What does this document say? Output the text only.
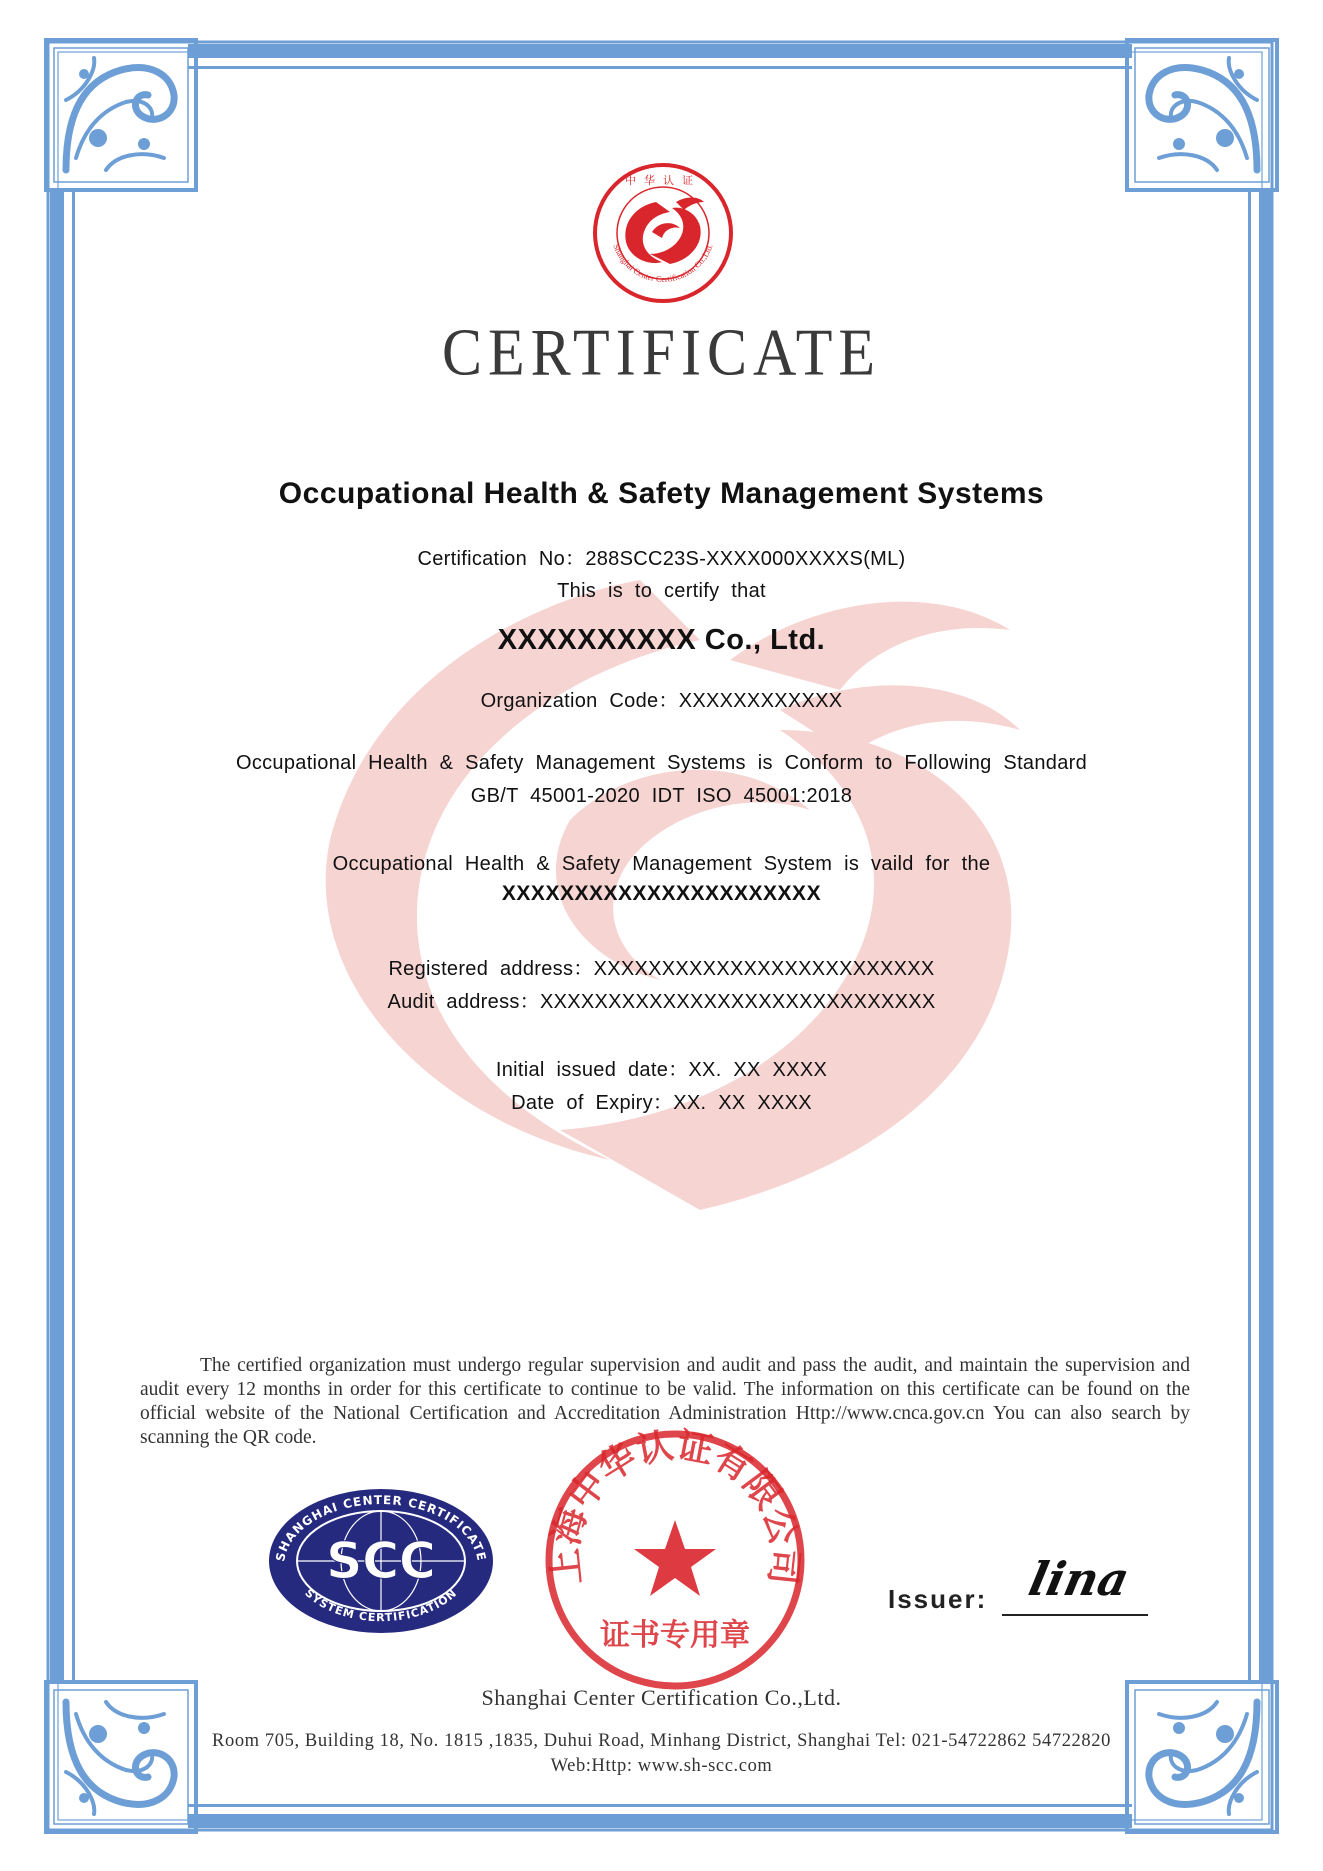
中华认证
Shanghai Center Certification Co.,Ltd.
CERTIFICATE
Occupational Health & Safety Management Systems
Certification No：288SCC23S-XXXX000XXXXS(ML)
This is to certify that
XXXXXXXXXX Co., Ltd.
Organization Code：XXXXXXXXXXXX
Occupational Health & Safety Management Systems is Conform to Following Standard
GB/T 45001-2020 IDT ISO 45001:2018
Occupational Health & Safety Management System is vaild for the
XXXXXXXXXXXXXXXXXXXXXX
Registered address：XXXXXXXXXXXXXXXXXXXXXXXXX
Audit address：XXXXXXXXXXXXXXXXXXXXXXXXXXXXX
Initial issued date：XX. XX XXXX
Date of Expiry：XX. XX XXXX
The certified organization must undergo regular supervision and audit and pass the audit, and maintain the supervision and audit every 12 months in order for this certificate to continue to be valid. The information on this certificate can be found on the official website of the National Certification and Accreditation Administration Http://www.cnca.gov.cn You can also search by scanning the QR code.
SHANGHAI CENTER CERTIFICATE
SYSTEM CERTIFICATION
SCC	上海中华认证有限公司
证书专用章
Issuer: lina
Shanghai Center Certification Co.,Ltd.
Room 705, Building 18, No. 1815 ,1835, Duhui Road, Minhang District, Shanghai Tel: 021-54722862 54722820
Web:Http: www.sh-scc.com
